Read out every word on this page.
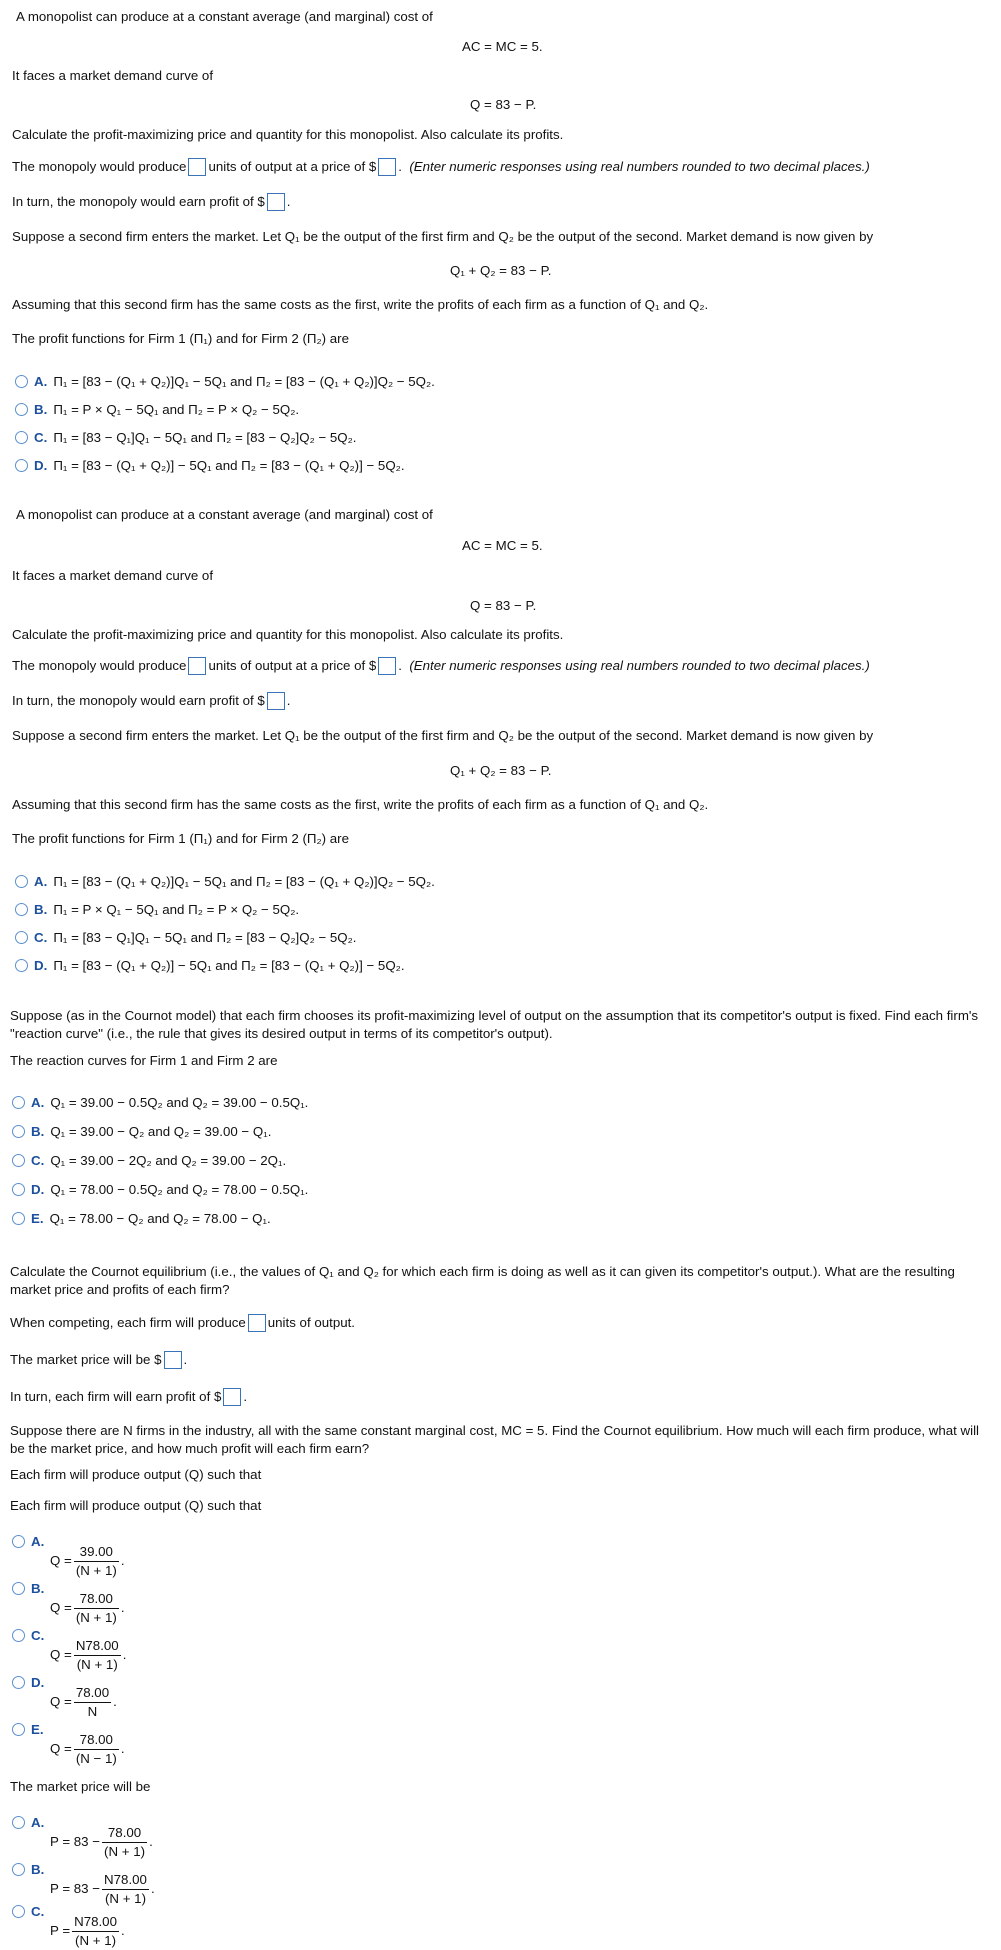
A monopolist can produce at a constant average (and marginal) cost of
AC = MC = 5.
It faces a market demand curve of
Q = 83 − P.
Calculate the profit-maximizing price and quantity for this monopolist. Also calculate its profits.
The monopoly would produce units of output at a price of $ . (Enter numeric responses using real numbers rounded to two decimal places.)
In turn, the monopoly would earn profit of $ .
Suppose a second firm enters the market. Let Q₁ be the output of the first firm and Q₂ be the output of the second. Market demand is now given by
Q₁ + Q₂ = 83 − P.
Assuming that this second firm has the same costs as the first, write the profits of each firm as a function of Q₁ and Q₂.
The profit functions for Firm 1 (Π₁) and for Firm 2 (Π₂) are
A. Π₁ = [83 − (Q₁ + Q₂)]Q₁ − 5Q₁ and Π₂ = [83 − (Q₁ + Q₂)]Q₂ − 5Q₂.
B. Π₁ = P × Q₁ − 5Q₁ and Π₂ = P × Q₂ − 5Q₂.
C. Π₁ = [83 − Q₁]Q₁ − 5Q₁ and Π₂ = [83 − Q₂]Q₂ − 5Q₂.
D. Π₁ = [83 − (Q₁ + Q₂)] − 5Q₁ and Π₂ = [83 − (Q₁ + Q₂)] − 5Q₂.
A monopolist can produce at a constant average (and marginal) cost of
AC = MC = 5.
It faces a market demand curve of
Q = 83 − P.
Calculate the profit-maximizing price and quantity for this monopolist. Also calculate its profits.
The monopoly would produce units of output at a price of $ . (Enter numeric responses using real numbers rounded to two decimal places.)
In turn, the monopoly would earn profit of $ .
Suppose a second firm enters the market. Let Q₁ be the output of the first firm and Q₂ be the output of the second. Market demand is now given by
Q₁ + Q₂ = 83 − P.
Assuming that this second firm has the same costs as the first, write the profits of each firm as a function of Q₁ and Q₂.
The profit functions for Firm 1 (Π₁) and for Firm 2 (Π₂) are
A. Π₁ = [83 − (Q₁ + Q₂)]Q₁ − 5Q₁ and Π₂ = [83 − (Q₁ + Q₂)]Q₂ − 5Q₂.
B. Π₁ = P × Q₁ − 5Q₁ and Π₂ = P × Q₂ − 5Q₂.
C. Π₁ = [83 − Q₁]Q₁ − 5Q₁ and Π₂ = [83 − Q₂]Q₂ − 5Q₂.
D. Π₁ = [83 − (Q₁ + Q₂)] − 5Q₁ and Π₂ = [83 − (Q₁ + Q₂)] − 5Q₂.
Suppose (as in the Cournot model) that each firm chooses its profit-maximizing level of output on the assumption that its competitor's output is fixed. Find each firm's "reaction curve" (i.e., the rule that gives its desired output in terms of its competitor's output).
The reaction curves for Firm 1 and Firm 2 are
A. Q₁ = 39.00 − 0.5Q₂ and Q₂ = 39.00 − 0.5Q₁.
B. Q₁ = 39.00 − Q₂ and Q₂ = 39.00 − Q₁.
C. Q₁ = 39.00 − 2Q₂ and Q₂ = 39.00 − 2Q₁.
D. Q₁ = 78.00 − 0.5Q₂ and Q₂ = 78.00 − 0.5Q₁.
E. Q₁ = 78.00 − Q₂ and Q₂ = 78.00 − Q₁.
Calculate the Cournot equilibrium (i.e., the values of Q₁ and Q₂ for which each firm is doing as well as it can given its competitor's output.). What are the resulting market price and profits of each firm?
When competing, each firm will produce units of output.
The market price will be $ .
In turn, each firm will earn profit of $ .
Suppose there are N firms in the industry, all with the same constant marginal cost, MC = 5. Find the Cournot equilibrium. How much will each firm produce, what will be the market price, and how much profit will each firm earn?
Each firm will produce output (Q) such that
Each firm will produce output (Q) such that
A.
$Q = \frac{39.00}{(N + 1)}$ .
B.
$Q = \frac{78.00}{(N + 1)}$ .
C.
$Q = \frac{N78.00}{(N + 1)}$ .
D.
$Q = \frac{78.00}{N}$ .
E.
$Q = \frac{78.00}{(N - 1)}$ .
The market price will be
A.
$P = 83 - \frac{78.00}{(N + 1)}$ .
B.
$P = 83 - \frac{N78.00}{(N + 1)}$ .
C.
$P = \frac{N78.00}{(N + 1)}$ .
